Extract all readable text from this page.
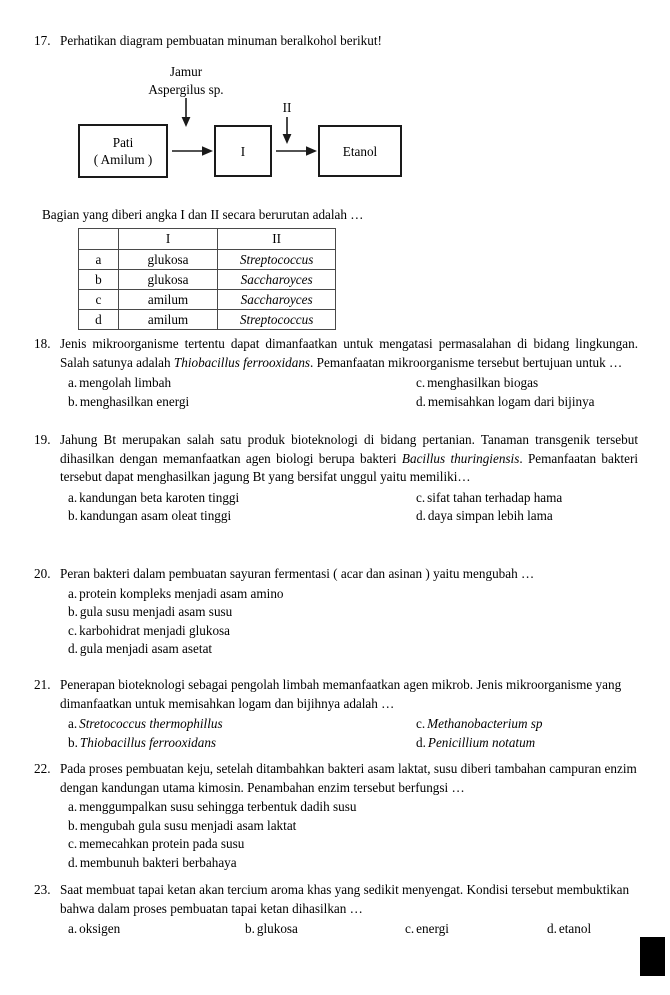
17. Perhatikan diagram pembuatan minuman beralkohol berikut!
Jamur
Aspergilus sp.
II
Pati
( Amilum )
I	Etanol
Bagian yang diberi angka I dan II secara berurutan adalah …
	I	II
a	glukosa	Streptococcus
b	glukosa	Saccharoyces
c	amilum	Saccharoyces
d	amilum	Streptococcus
18. Jenis mikroorganisme tertentu dapat dimanfaatkan untuk mengatasi permasalahan di bidang lingkungan. Salah satunya adalah Thiobacillus ferrooxidans. Pemanfaatan mikroorganisme tersebut bertujuan untuk …
a. mengolah limbah
b. menghasilkan energi
c. menghasilkan biogas
d. memisahkan logam dari bijinya
19. Jahung Bt merupakan salah satu produk bioteknologi di bidang pertanian. Tanaman transgenik tersebut dihasilkan dengan memanfaatkan agen biologi berupa bakteri Bacillus thuringiensis. Pemanfaatan bakteri tersebut dapat menghasilkan jagung Bt yang bersifat unggul yaitu memiliki…
a. kandungan beta karoten tinggi
b. kandungan asam oleat tinggi
c. sifat tahan terhadap hama
d. daya simpan lebih lama
20. Peran bakteri dalam pembuatan sayuran fermentasi ( acar dan asinan ) yaitu mengubah …
a. protein kompleks menjadi asam amino
b. gula susu menjadi asam susu
c. karbohidrat menjadi glukosa
d. gula menjadi asam asetat
21. Penerapan bioteknologi sebagai pengolah limbah memanfaatkan agen mikrob. Jenis mikroorganisme yang dimanfaatkan untuk memisahkan logam dan bijihnya adalah …
a. Stretococcus thermophillus
b. Thiobacillus ferrooxidans
c. Methanobacterium sp
d. Penicillium notatum
22. Pada proses pembuatan keju, setelah ditambahkan bakteri asam laktat, susu diberi tambahan campuran enzim dengan kandungan utama kimosin. Penambahan enzim tersebut berfungsi …
a. menggumpalkan susu sehingga terbentuk dadih susu
b. mengubah gula susu menjadi asam laktat
c. memecahkan protein pada susu
d. membunuh bakteri berbahaya
23. Saat membuat tapai ketan akan tercium aroma khas yang sedikit menyengat. Kondisi tersebut membuktikan bahwa dalam proses pembuatan tapai ketan dihasilkan …
a. oksigen	b. glukosa	c. energi	d. etanol
